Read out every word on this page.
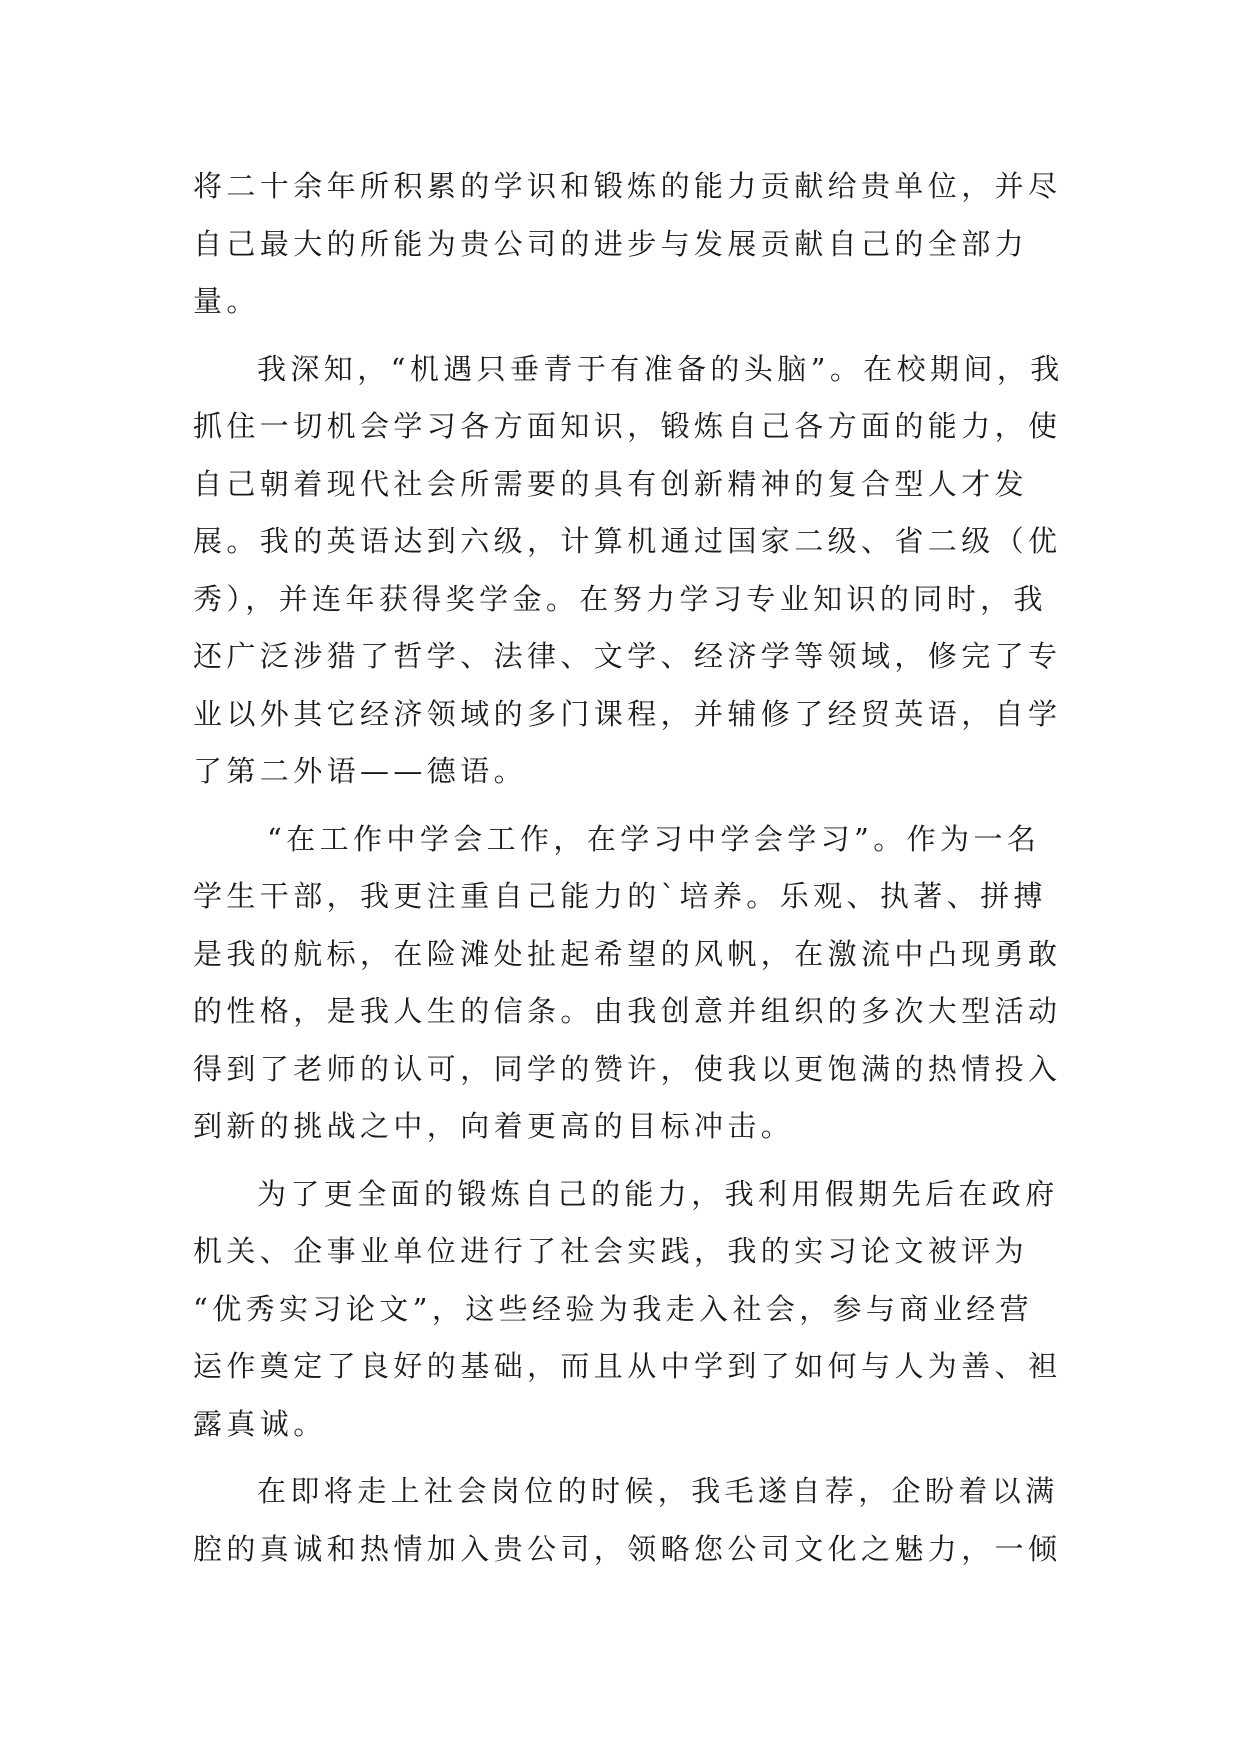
将二十余年所积累的学识和锻炼的能力贡献给贵单位，并尽
自己最大的所能为贵公司的进步与发展贡献自己的全部力
量。
我深知，“机遇只垂青于有准备的头脑”。在校期间，我
抓住一切机会学习各方面知识，锻炼自己各方面的能力，使
自己朝着现代社会所需要的具有创新精神的复合型人才发
展。我的英语达到六级，计算机通过国家二级、省二级（优
秀），并连年获得奖学金。在努力学习专业知识的同时，我
还广泛涉猎了哲学、法律、文学、经济学等领域，修完了专
业以外其它经济领域的多门课程，并辅修了经贸英语，自学
了第二外语——德语。
“在工作中学会工作，在学习中学会学习”。作为一名
学生干部，我更注重自己能力的`培养。乐观、执著、拼搏
是我的航标，在险滩处扯起希望的风帆，在激流中凸现勇敢
的性格，是我人生的信条。由我创意并组织的多次大型活动
得到了老师的认可，同学的赞许，使我以更饱满的热情投入
到新的挑战之中，向着更高的目标冲击。
为了更全面的锻炼自己的能力，我利用假期先后在政府
机关、企事业单位进行了社会实践，我的实习论文被评为
“优秀实习论文”，这些经验为我走入社会，参与商业经营
运作奠定了良好的基础，而且从中学到了如何与人为善、袒
露真诚。
在即将走上社会岗位的时候，我毛遂自荐，企盼着以满
腔的真诚和热情加入贵公司，领略您公司文化之魅力，一倾
